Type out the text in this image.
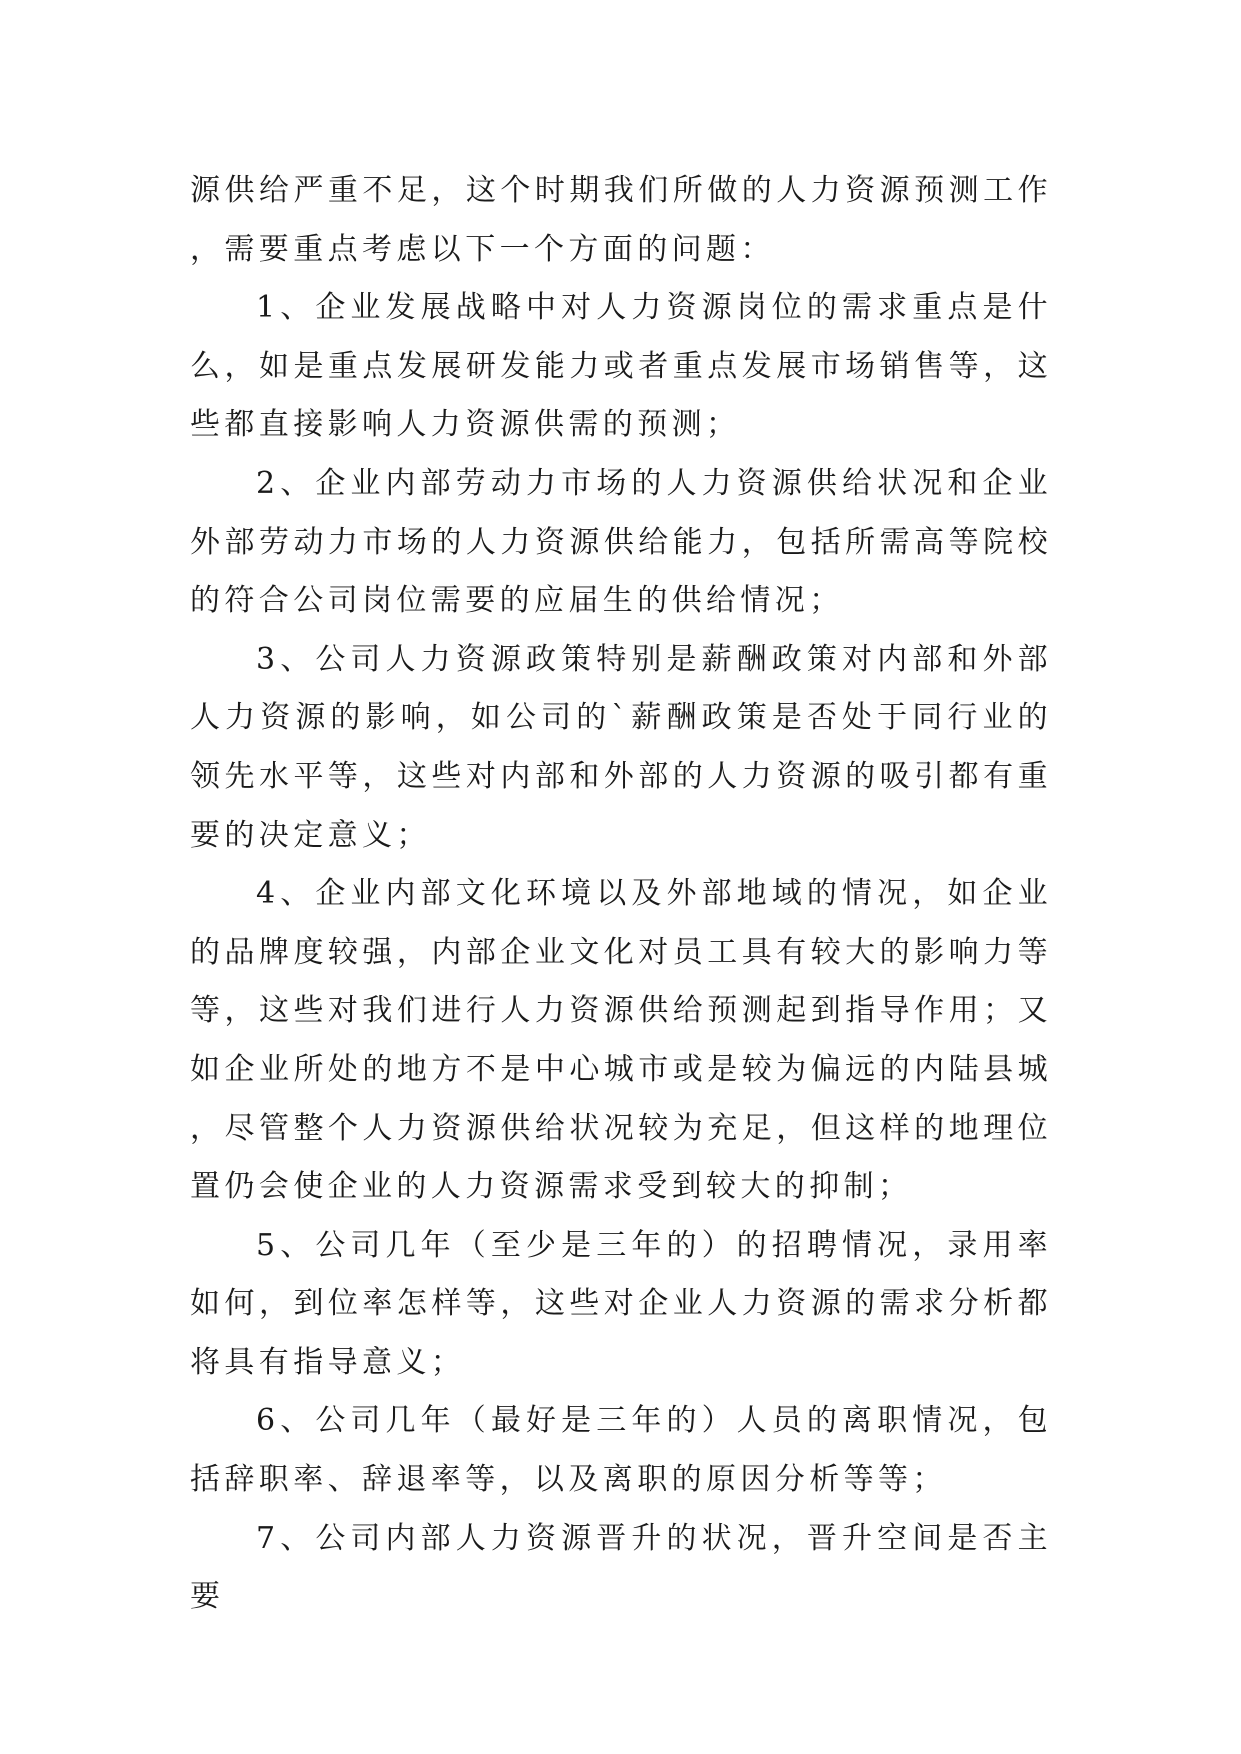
源供给严重不足，这个时期我们所做的人力资源预测工作，需要重点考虑以下一个方面的问题：

1、企业发展战略中对人力资源岗位的需求重点是什么，如是重点发展研发能力或者重点发展市场销售等，这些都直接影响人力资源供需的预测；

2、企业内部劳动力市场的人力资源供给状况和企业外部劳动力市场的人力资源供给能力，包括所需高等院校的符合公司岗位需要的应届生的供给情况；

3、公司人力资源政策特别是薪酬政策对内部和外部人力资源的影响，如公司的`薪酬政策是否处于同行业的领先水平等，这些对内部和外部的人力资源的吸引都有重要的决定意义；

4、企业内部文化环境以及外部地域的情况，如企业的品牌度较强，内部企业文化对员工具有较大的影响力等等，这些对我们进行人力资源供给预测起到指导作用；又如企业所处的地方不是中心城市或是较为偏远的内陆县城，尽管整个人力资源供给状况较为充足，但这样的地理位置仍会使企业的人力资源需求受到较大的抑制；

5、公司几年（至少是三年的）的招聘情况，录用率如何，到位率怎样等，这些对企业人力资源的需求分析都将具有指导意义；

6、公司几年（最好是三年的）人员的离职情况，包括辞职率、辞退率等，以及离职的原因分析等等；

7、公司内部人力资源晋升的状况，晋升空间是否主要
